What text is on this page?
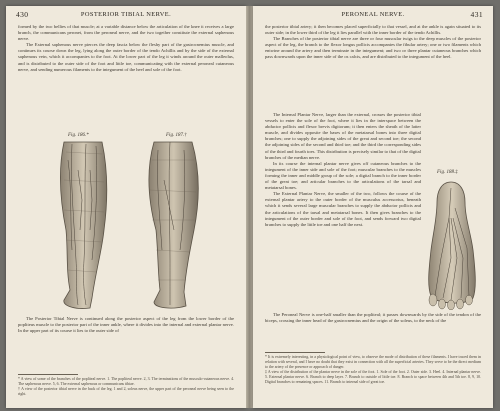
430	POSTERIOR TIBIAL NERVE.

formed by the two bellies of that muscle; at a variable distance below the articulation of the knee it receives a large branch, the communicans peronei, from the peroneal nerve, and the two together constitute the external saphenous nerve.

The External saphenous nerve pierces the deep fascia below the fleshy part of the gastrocnemius muscle, and continues its course down the leg, lying along the outer border of the tendo Achillis and by the side of the external saphenous vein, which it accompanies to the foot. At the lower part of the leg it winds around the outer malleolus, and is distributed to the outer side of the foot and little toe, communicating with the external peroneal cutaneous nerve, and sending numerous filaments to the integument of the heel and sole of the foot.

Fig. 186.*	Fig. 187.†

The Posterior Tibial Nerve is continued along the posterior aspect of the leg from the lower border of the popliteus muscle to the posterior part of the inner ankle, where it divides into the internal and external plantar nerve. In the upper part of its course it lies to the outer side of

* A view of some of the branches of the popliteal nerve. 1. The popliteal nerve. 2, 3. The terminations of the musculo-cutaneous nerve. 4. The saphenous nerve. 5, 6. The external saphenous or communicans tibiae.
† A view of the posterior tibial nerve in the back of the leg. 1 and 2, soleus nerve, the upper part of the peroneal nerve being seen to the right.
PERONEAL NERVE.	431

the posterior tibial artery; it then becomes placed superficially to that vessel, and at the ankle is again situated to its outer side; in the lower third of the leg it lies parallel with the inner border of the tendo Achillis.

The Branches of the posterior tibial nerve are three or four muscular twigs to the deep muscles of the posterior aspect of the leg, the branch to the flexor longus pollicis accompanies the fibular artery; one or two filaments which entwine around the artery and then terminate in the integument; and two or three plantar cutaneous branches which pass downwards upon the inner side of the os calcis, and are distributed to the integument of the heel.

The Internal Plantar Nerve, larger than the external, crosses the posterior tibial vessels to enter the sole of the foot, where it lies in the interspace between the abductor pollicis and flexor brevis digitorum; it then enters the sheath of the latter muscle, and divides opposite the bases of the metatarsal bones into three digital branches; one to supply the adjoining sides of the great and second toe; the second the adjoining sides of the second and third toe; and the third the corresponding sides of the third and fourth toes. This distribution is precisely similar to that of the digital branches of the median nerve.

In its course the internal plantar nerve gives off cutaneous branches to the integument of the inner side and sole of the foot; muscular branches to the muscles forming the inner and middle group of the sole; a digital branch to the inner border of the great toe; and articular branches to the articulations of the tarsal and metatarsal bones.

The External Plantar Nerve, the smaller of the two, follows the course of the external plantar artery to the outer border of the musculus accessorius, beneath which it sends several large muscular branches to supply the abductor pollicis and the articulations of the tarsal and metatarsal bones. It then gives branches to the integument of the outer border and sole of the foot, and sends forward two digital branches to supply the little toe and one half the next.

Fig. 188.‡

The Peroneal Nerve is one-half smaller than the popliteal; it passes downwards by the side of the tendon of the biceps, crossing the inner head of the gastrocnemius and the origin of the soleus, to the neck of the

* It is extremely interesting, in a physiological point of view, to observe the mode of distribution of these filaments. I have traced them in relation with several, and I have no doubt that they exist in connection with all the superficial arteries. They serve to be the direct medium to the artery of the presence or approach of danger.
‡ A view of the distribution of the plantar nerve in the sole of the foot. 1. Sole of the foot. 2. Outer side. 3. Heel. 4. Internal plantar nerve. 5. External plantar nerve. 6. Branch to deep layer. 7. Branch to outside of little toe. 8. Branch to space between 4th and 5th toe. 8, 9, 10. Digital branches to remaining spaces. 11. Branch to internal side of great toe.
